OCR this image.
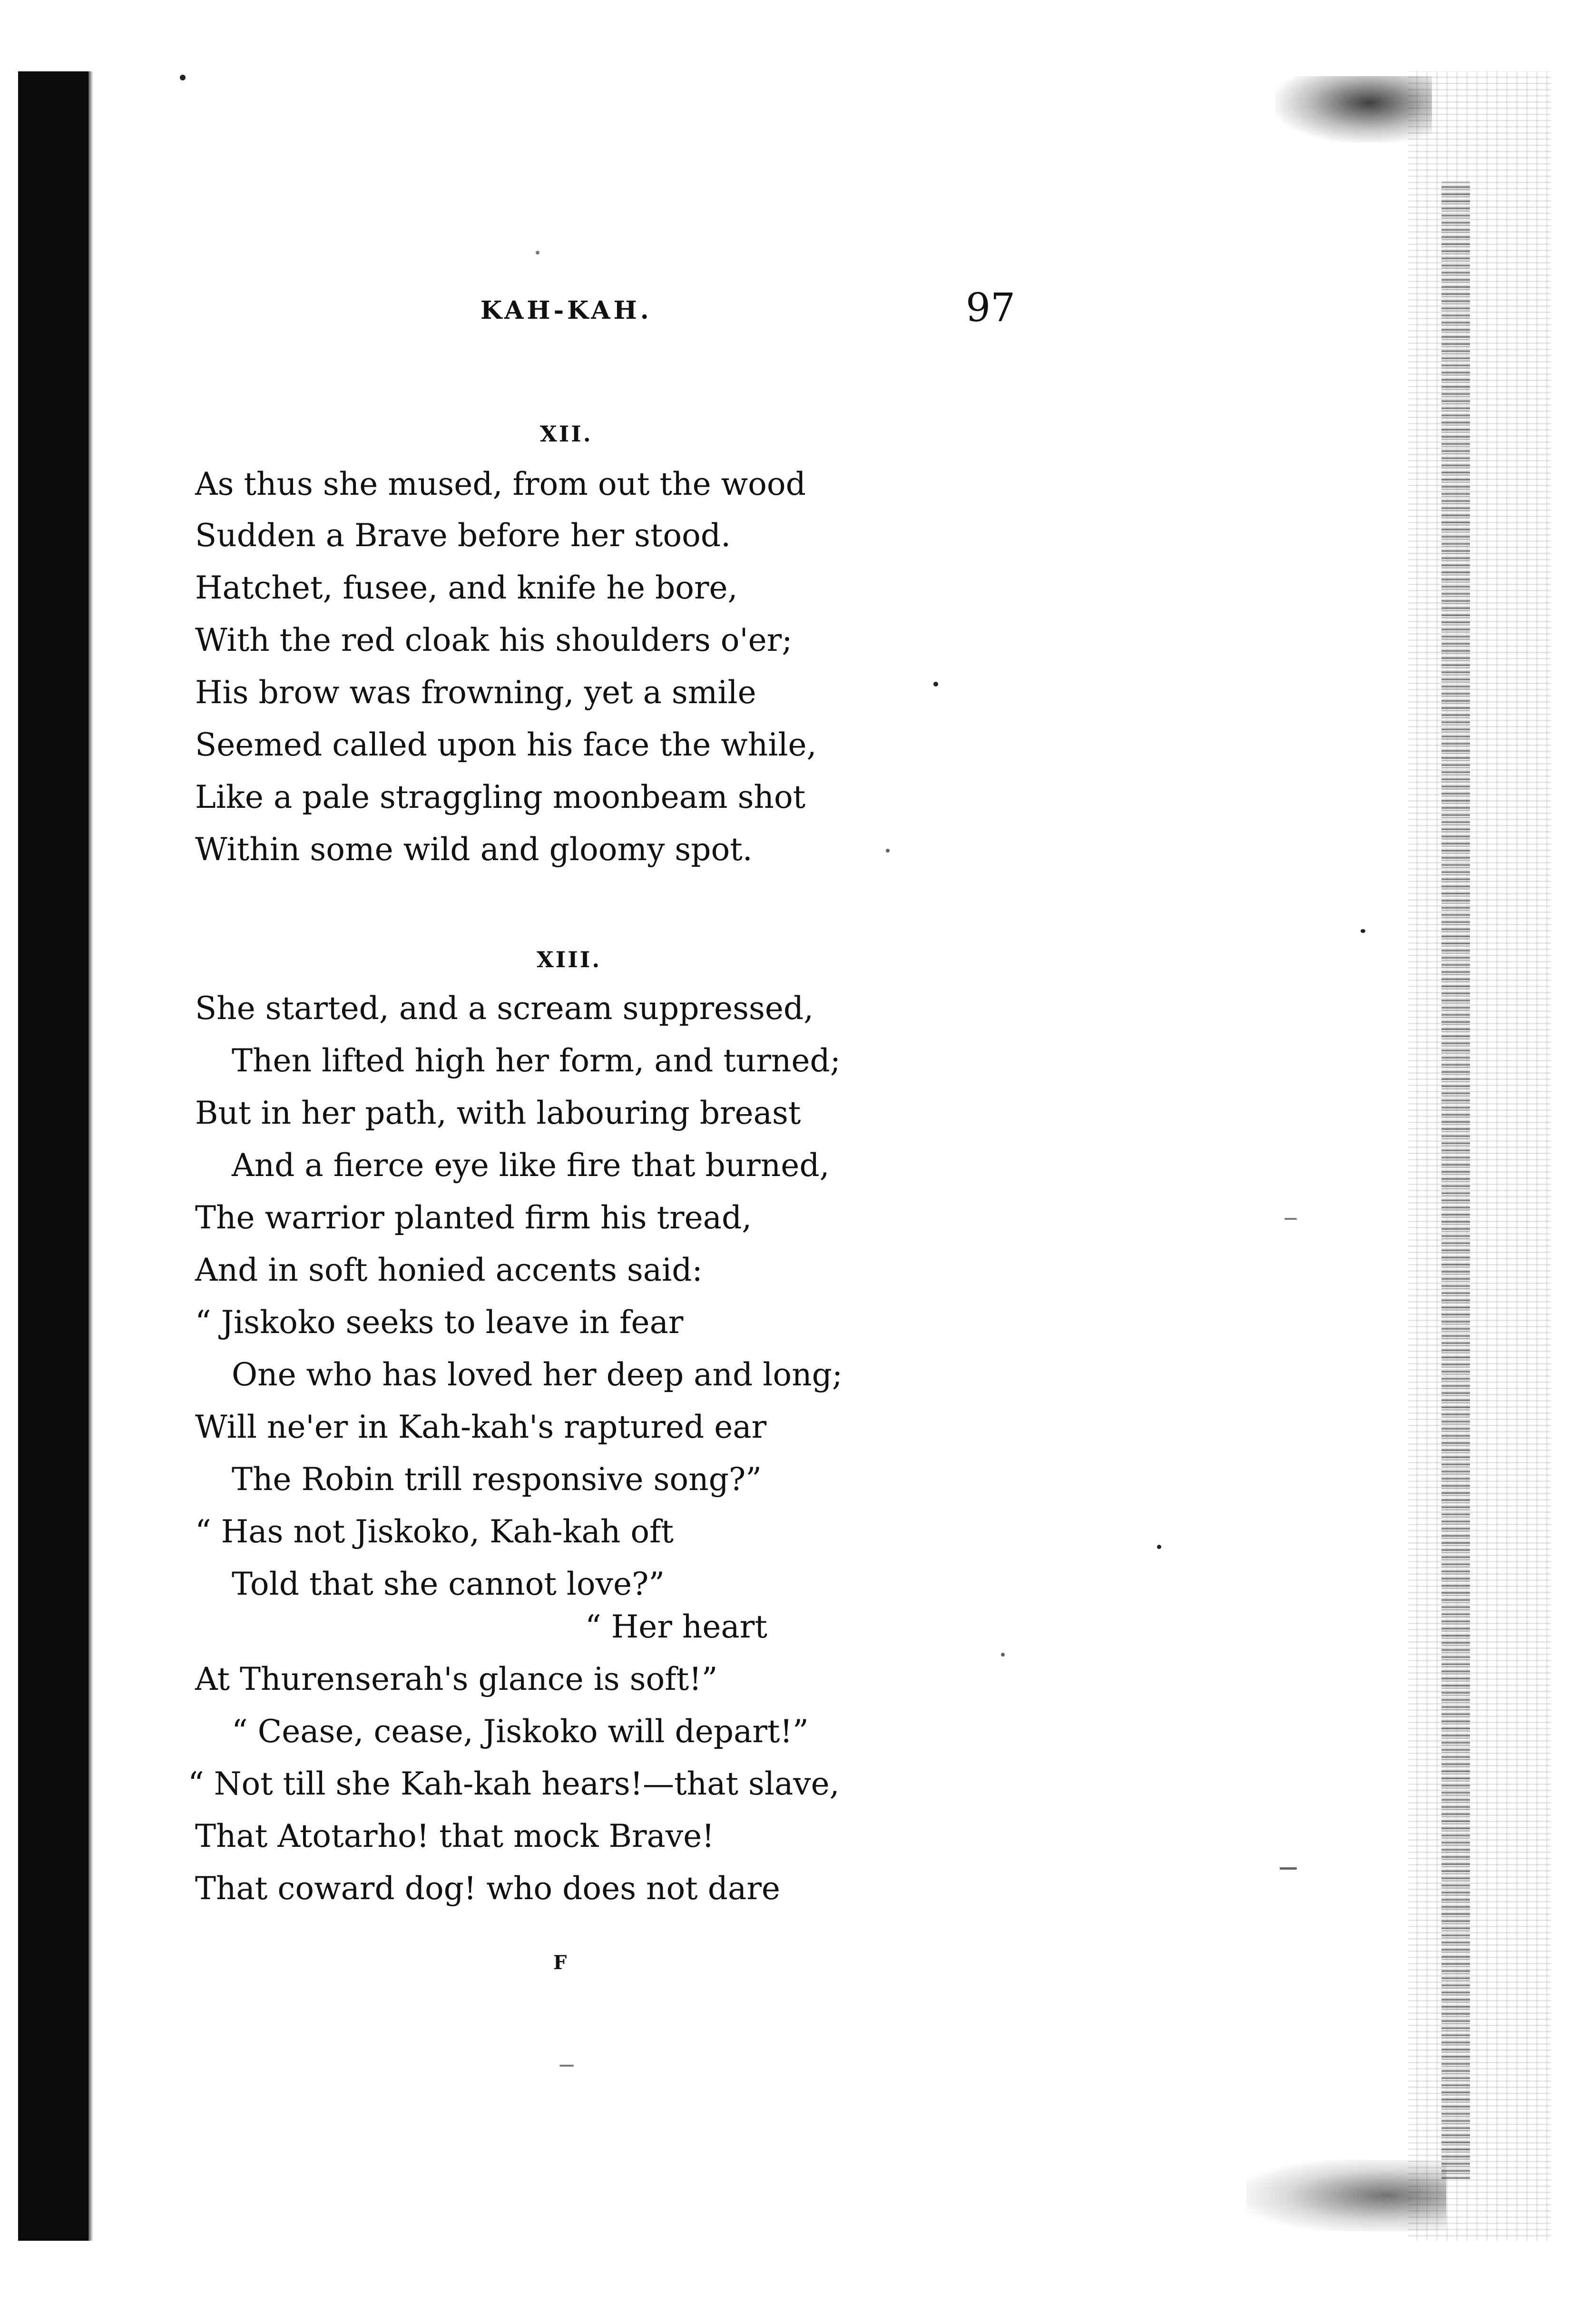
KAH-KAH.	97
XII.
As thus she mused, from out the wood
Sudden a Brave before her stood.
Hatchet, fusee, and knife he bore,
With the red cloak his shoulders o'er;
His brow was frowning, yet a smile
Seemed called upon his face the while,
Like a pale straggling moonbeam shot
Within some wild and gloomy spot.
XIII.
She started, and a scream suppressed,
Then lifted high her form, and turned;
But in her path, with labouring breast
And a fierce eye like fire that burned,
The warrior planted firm his tread,
And in soft honied accents said:
“ Jiskoko seeks to leave in fear
One who has loved her deep and long;
Will ne'er in Kah-kah's raptured ear
The Robin trill responsive song?”
“ Has not Jiskoko, Kah-kah oft
Told that she cannot love?”
“ Her heart
At Thurenserah's glance is soft!”
“ Cease, cease, Jiskoko will depart!”
“ Not till she Kah-kah hears!—that slave,
That Atotarho! that mock Brave!
That coward dog! who does not dare
F
